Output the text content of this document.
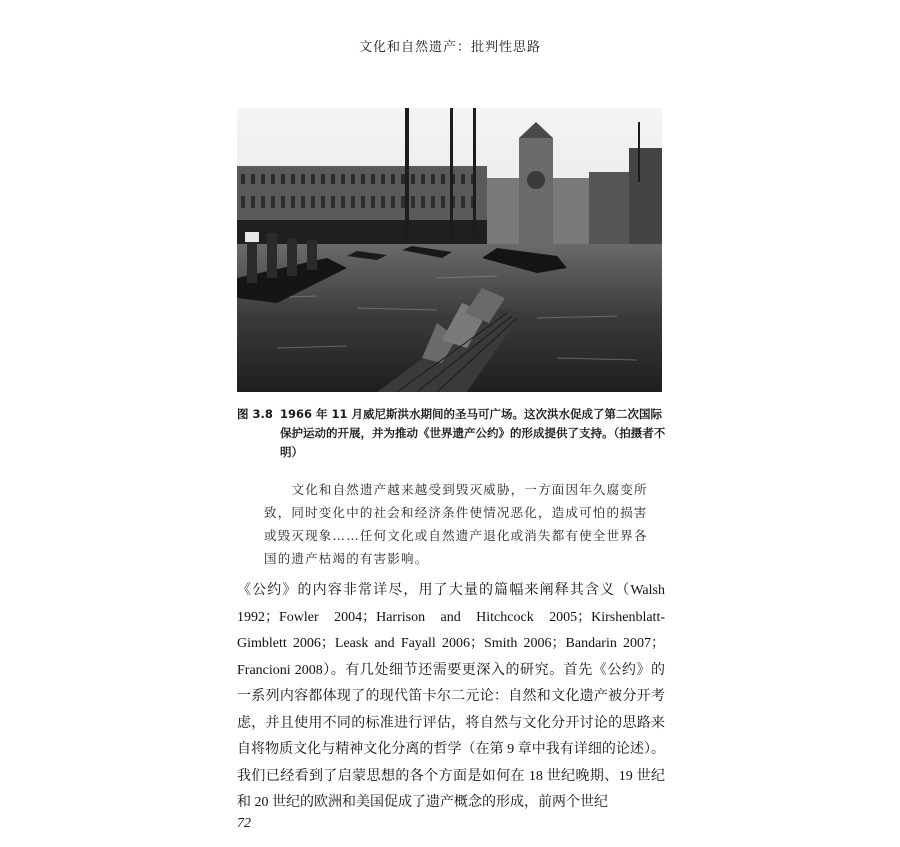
文化和自然遗产：批判性思路
图 3.8 1966 年 11 月威尼斯洪水期间的圣马可广场。这次洪水促成了第二次国际保护运动的开展，并为推动《世界遗产公约》的形成提供了支持。（拍摄者不明）

文化和自然遗产越来越受到毁灭威胁，一方面因年久腐变所致，同时变化中的社会和经济条件使情况恶化，造成可怕的损害或毁灭现象……任何文化或自然遗产退化或消失都有使全世界各国的遗产枯竭的有害影响。

《公约》的内容非常详尽，用了大量的篇幅来阐释其含义（Walsh 1992；Fowler 2004；Harrison and Hitchcock 2005；Kirshenblatt-Gimblett 2006；Leask and Fayall 2006；Smith 2006；Bandarin 2007；Francioni 2008）。有几处细节还需要更深入的研究。首先《公约》的一系列内容都体现了的现代笛卡尔二元论：自然和文化遗产被分开考虑，并且使用不同的标准进行评估，将自然与文化分开讨论的思路来自将物质文化与精神文化分离的哲学（在第 9 章中我有详细的论述）。我们已经看到了启蒙思想的各个方面是如何在 18 世纪晚期、19 世纪和 20 世纪的欧洲和美国促成了遗产概念的形成，前两个世纪

72
